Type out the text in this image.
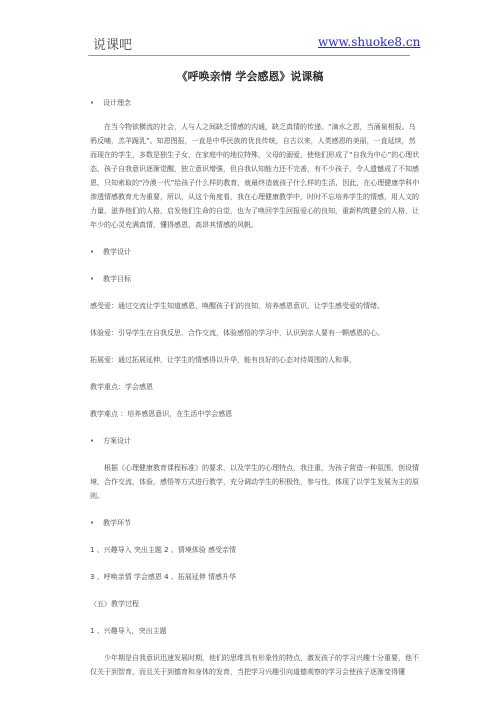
说课吧	www.shuoke8.cn
《呼唤亲情 学会感恩》说课稿

• 设计理念

在当今物欲横流的社会，人与人之间缺乏情感的沟通，缺乏真情的传递。“滴水之恩，当涌泉相报。乌鸦反哺，羔羊跪乳”。知恩图报，一直是中华民族的优良传统，自古以来，人类感恩的美丽，一直延续，然而现在的学生，多数是独生子女，在家庭中的地位特殊，父母的溺爱，使他们形成了“自我为中心”的心理状态，孩子自我意识逐渐觉醒，独立意识增强，但自我认知能力还不完善，有不少孩子，令人遗憾成了不知感恩，只知索取的“冷漠一代”给孩子什么样的教育，就最终造就孩子什么样的生活，因此，在心理健康学科中渗透情感教育尤为重要，所以，从这个角度看，我在心理健康教学中，时时不忘培养学生的情感，用人文的力量，滋养他们的人格，启发他们生命的自觉，也为了唤回学生回报爱心的良知，重新构筑健全的人格，让年少的心灵充满真情，懂得感恩，高昂其情感的风帆。

• 教学设计

• 教学目标

感受爱：通过交流让学生知道感恩，唤醒孩子们的良知，培养感恩意识，让学生感受爱的情绪。

体验爱：引导学生在自我反思，合作交流，体验感悟的学习中，认识到亲人要有一颗感恩的心。

拓展爱：通过拓展延伸，让学生的情感得以升华，能有良好的心态对待周围的人和事，

教学重点：学会感恩

教学难点 ：培养感恩意识，在生活中学会感恩

• 方案设计

根据《心理健康教育课程标准》的要求，以及学生的心理特点，我注重，为孩子营造一种氛围，创设情境，合作交流，体验，感悟等方式进行教学，充分调动学生的积极性，参与性，体现了以学生发展为主的原则。

• 教学环节

1 、兴趣导入 突出主题 2 、情境体验 感受亲情

3 、呼唤亲情 学会感恩 4 、拓展延伸 情感升华

（五）教学过程

1 、兴趣导入，突出主题

少年期是自我意识迅速发展时期，他们的思维具有形象性的特点，激发孩子的学习兴趣十分重要，他不仅关于到智育，而且关于到德育和身体的发育，当把学习兴趣引向道德观察的学习会使孩子逐渐变得懂
